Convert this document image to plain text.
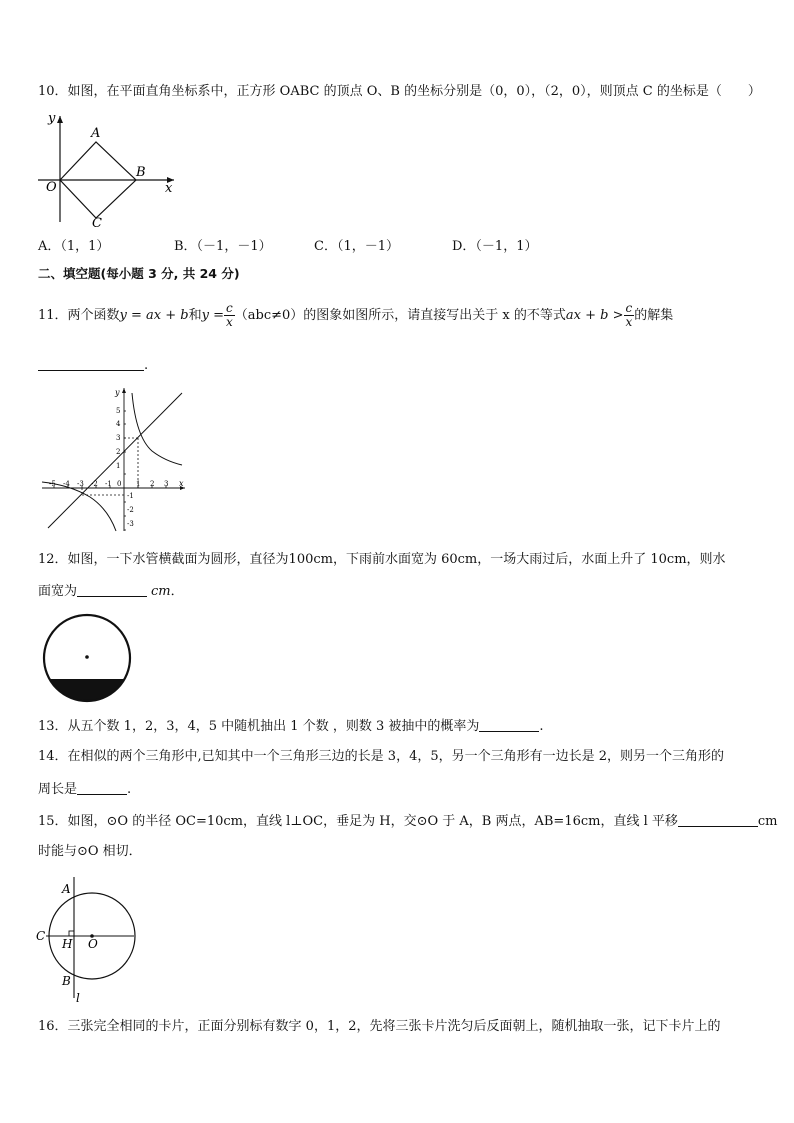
10．如图，在平面直角坐标系中，正方形 OABC 的顶点 O、B 的坐标分别是（0，0），（2，0），则顶点 C 的坐标是（　　）
y
x
O
A
B
C
A．（1，1）	B．（－1，－1）	C．（1，－1）	D．（－1，1）
二、填空题(每小题 3 分, 共 24 分)
11．两个函数y = ax + b和$y = \frac{c}{x} (abc\ne 0)$的图象如图所示，请直接写出关于 x 的不等式ax + $b > \frac{c}{x}$ 的解集
.
-5 -4 -3 -2 -1 0 1 2 3
5
4
3
2
1
-1
-2
-3
y
x
12．如图，一下水管横截面为圆形，直径为100cm，下雨前水面宽为 60cm，一场大雨过后，水面上升了 10cm，则水
面宽为	cm．
13．从五个数 1，2，3，4，5 中随机抽出 1 个数 ，则数 3 被抽中的概率为	.
14．在相似的两个三角形中,已知其中一个三角形三边的长是 3，4，5，另一个三角形有一边长是 2，则另一个三角形的
周长是	.
15．如图，⊙O 的半径 OC=10cm，直线 l⊥OC，垂足为 H，交⊙O 于 A，B 两点，AB=16cm，直线 l 平移	cm
时能与⊙O 相切．
A
C
H O
B
l
16．三张完全相同的卡片，正面分别标有数字 0，1，2，先将三张卡片洗匀后反面朝上，随机抽取一张，记下卡片上的
